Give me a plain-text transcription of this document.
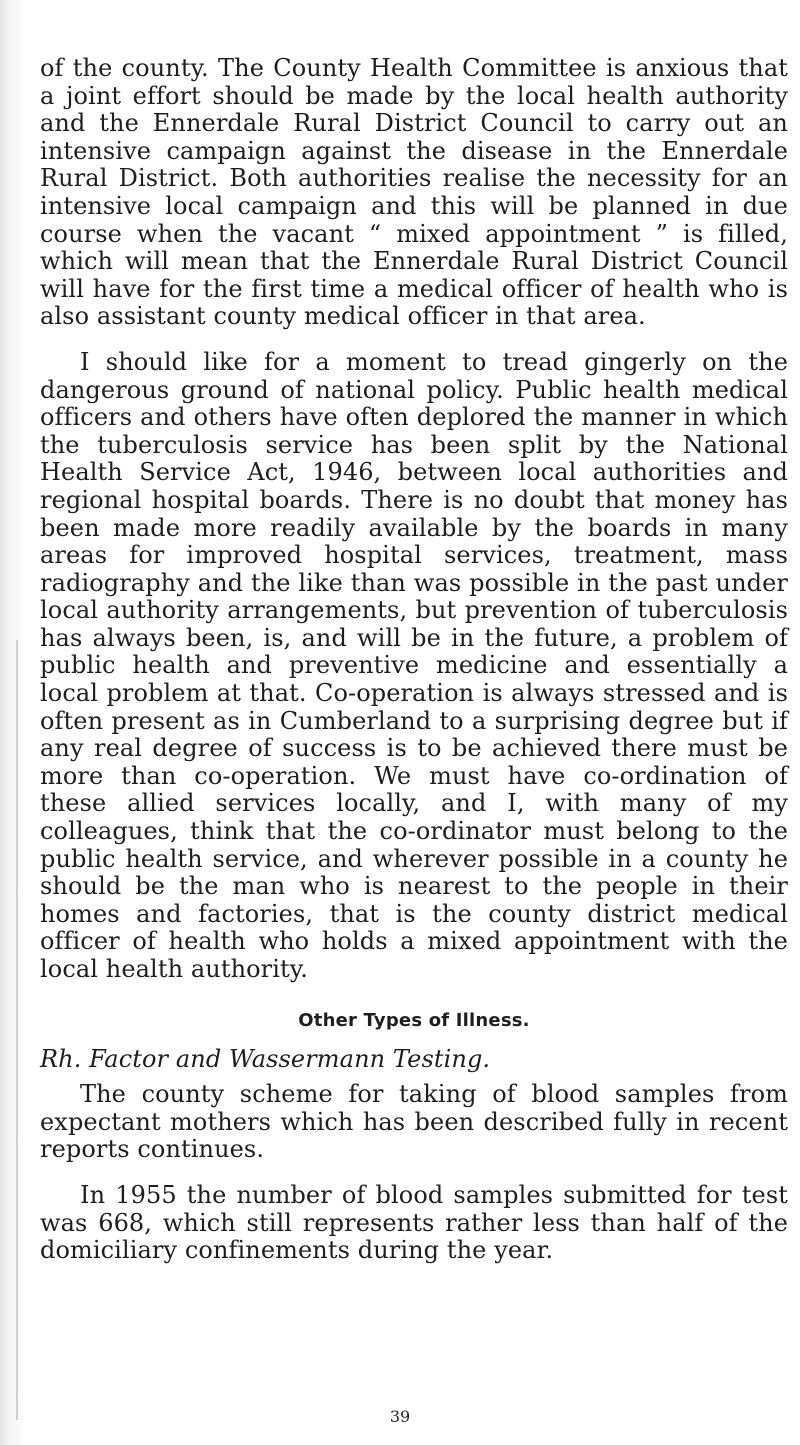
of the county. The County Health Committee is anxious that a joint effort should be made by the local health authority and the Ennerdale Rural District Council to carry out an intensive campaign against the disease in the Ennerdale Rural District. Both authorities realise the necessity for an intensive local campaign and this will be planned in due course when the vacant “ mixed appointment ” is filled, which will mean that the Ennerdale Rural District Council will have for the first time a medical officer of health who is also assistant county medical officer in that area.

I should like for a moment to tread gingerly on the dangerous ground of national policy. Public health medical officers and others have often deplored the manner in which the tuberculosis service has been split by the National Health Service Act, 1946, between local authorities and regional hospital boards. There is no doubt that money has been made more readily available by the boards in many areas for improved hospital services, treatment, mass radiography and the like than was possible in the past under local authority arrangements, but prevention of tuberculosis has always been, is, and will be in the future, a problem of public health and preventive medicine and essentially a local problem at that. Co-operation is always stressed and is often present as in Cumberland to a surprising degree but if any real degree of success is to be achieved there must be more than co-operation. We must have co-ordination of these allied services locally, and I, with many of my colleagues, think that the co-ordinator must belong to the public health service, and wherever possible in a county he should be the man who is nearest to the people in their homes and factories, that is the county district medical officer of health who holds a mixed appointment with the local health authority.

Other Types of Illness.
Rh. Factor and Wassermann Testing.

The county scheme for taking of blood samples from expectant mothers which has been described fully in recent reports continues.

In 1955 the number of blood samples submitted for test was 668, which still represents rather less than half of the domiciliary confinements during the year.

39
